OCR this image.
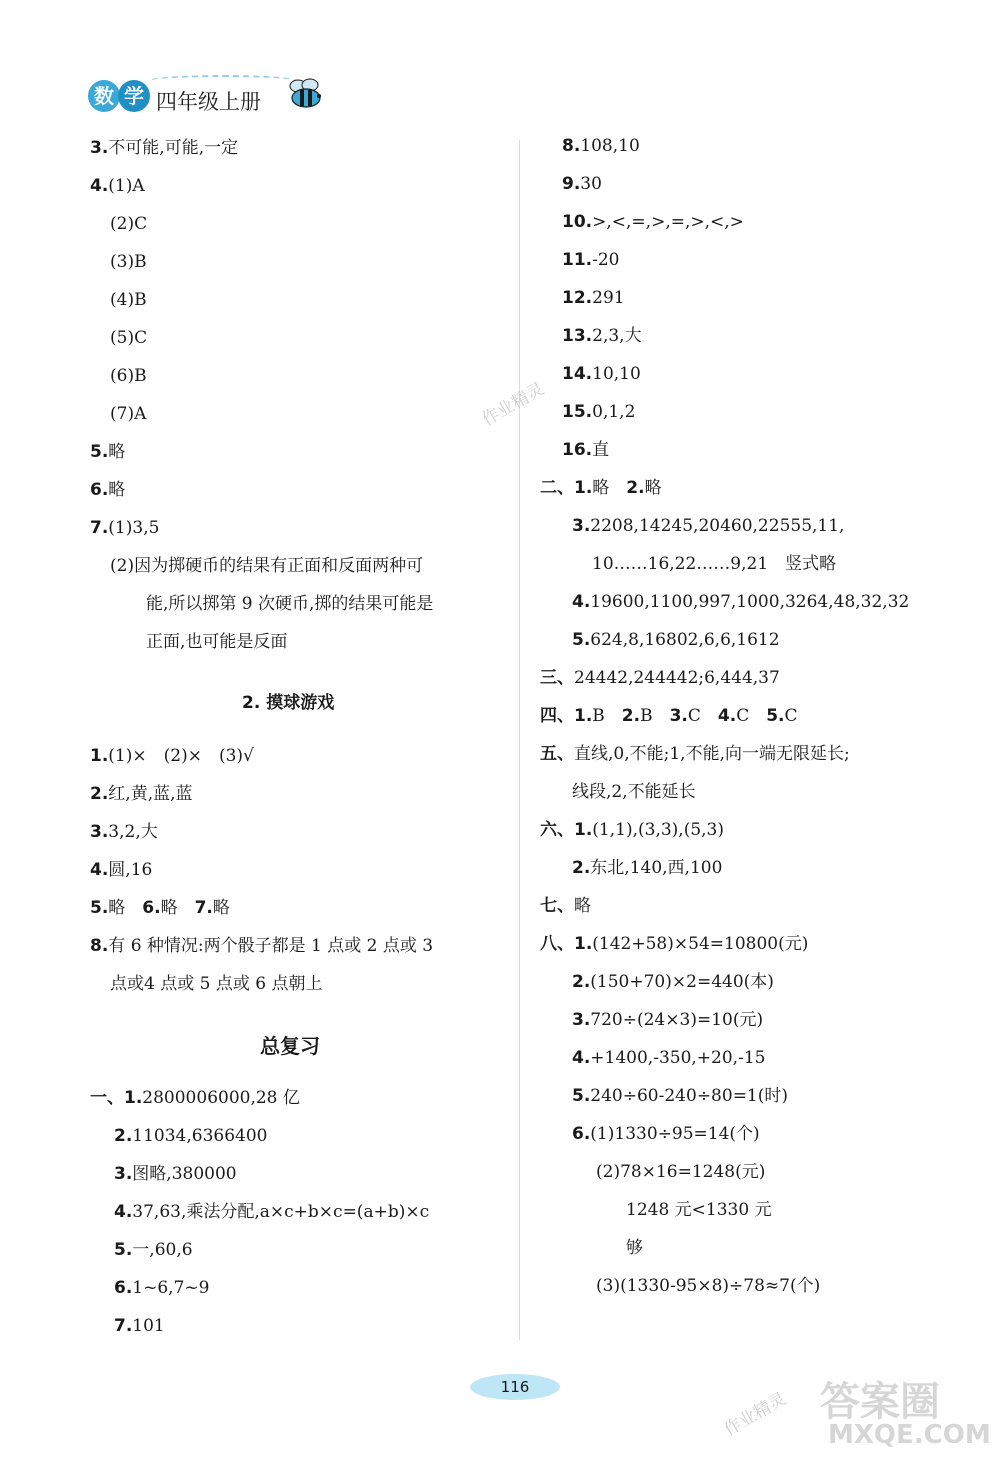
数 学 四年级上册
3.不可能,可能,一定
4.(1)A
(2)C
(3)B
(4)B
(5)C
(6)B
(7)A
5.略
6.略
7.(1)3,5
(2)因为掷硬币的结果有正面和反面两种可
能,所以掷第 9 次硬币,掷的结果可能是
正面,也可能是反面
2. 摸球游戏
1.(1)×　(2)×　(3)√
2.红,黄,蓝,蓝
3.3,2,大
4.圆,16
5.略　 6.略　 7.略
8.有 6 种情况:两个骰子都是 1 点或 2 点或 3
点或4 点或 5 点或 6 点朝上
总复习
一、1.2800006000,28 亿
2.11034,6366400
3.图略,380000
4.37,63,乘法分配,a×c+b×c=(a+b)×c
5.一,60,6
6.1~6,7~9
7.101
8.108,10
9.30
10.>,<,=,>,=,>,<,>
11.-20
12.291
13.2,3,大
14.10,10
15.0,1,2
16.直
二、1.略　2.略
3.2208,14245,20460,22555,11,
10……16,22……9,21　竖式略
4.19600,1100,997,1000,3264,48,32,32
5.624,8,16802,6,6,1612
三、24442,244442;6,444,37
四、1.B　2.B　3.C　4.C　5.C
五、直线,0,不能;1,不能,向一端无限延长;
线段,2,不能延长
六、1.(1,1),(3,3),(5,3)
2.东北,140,西,100
七、略
八、1.(142+58)×54=10800(元)
2.(150+70)×2=440(本)
3.720÷(24×3)=10(元)
4.+1400,-350,+20,-15
5.240÷60-240÷80=1(时)
6.(1)1330÷95=14(个)
(2)78×16=1248(元)
1248 元<1330 元
够
(3)(1330-95×8)÷78≈7(个)
116
作业精灵
作业精灵 答案圈
MXQE.COM
